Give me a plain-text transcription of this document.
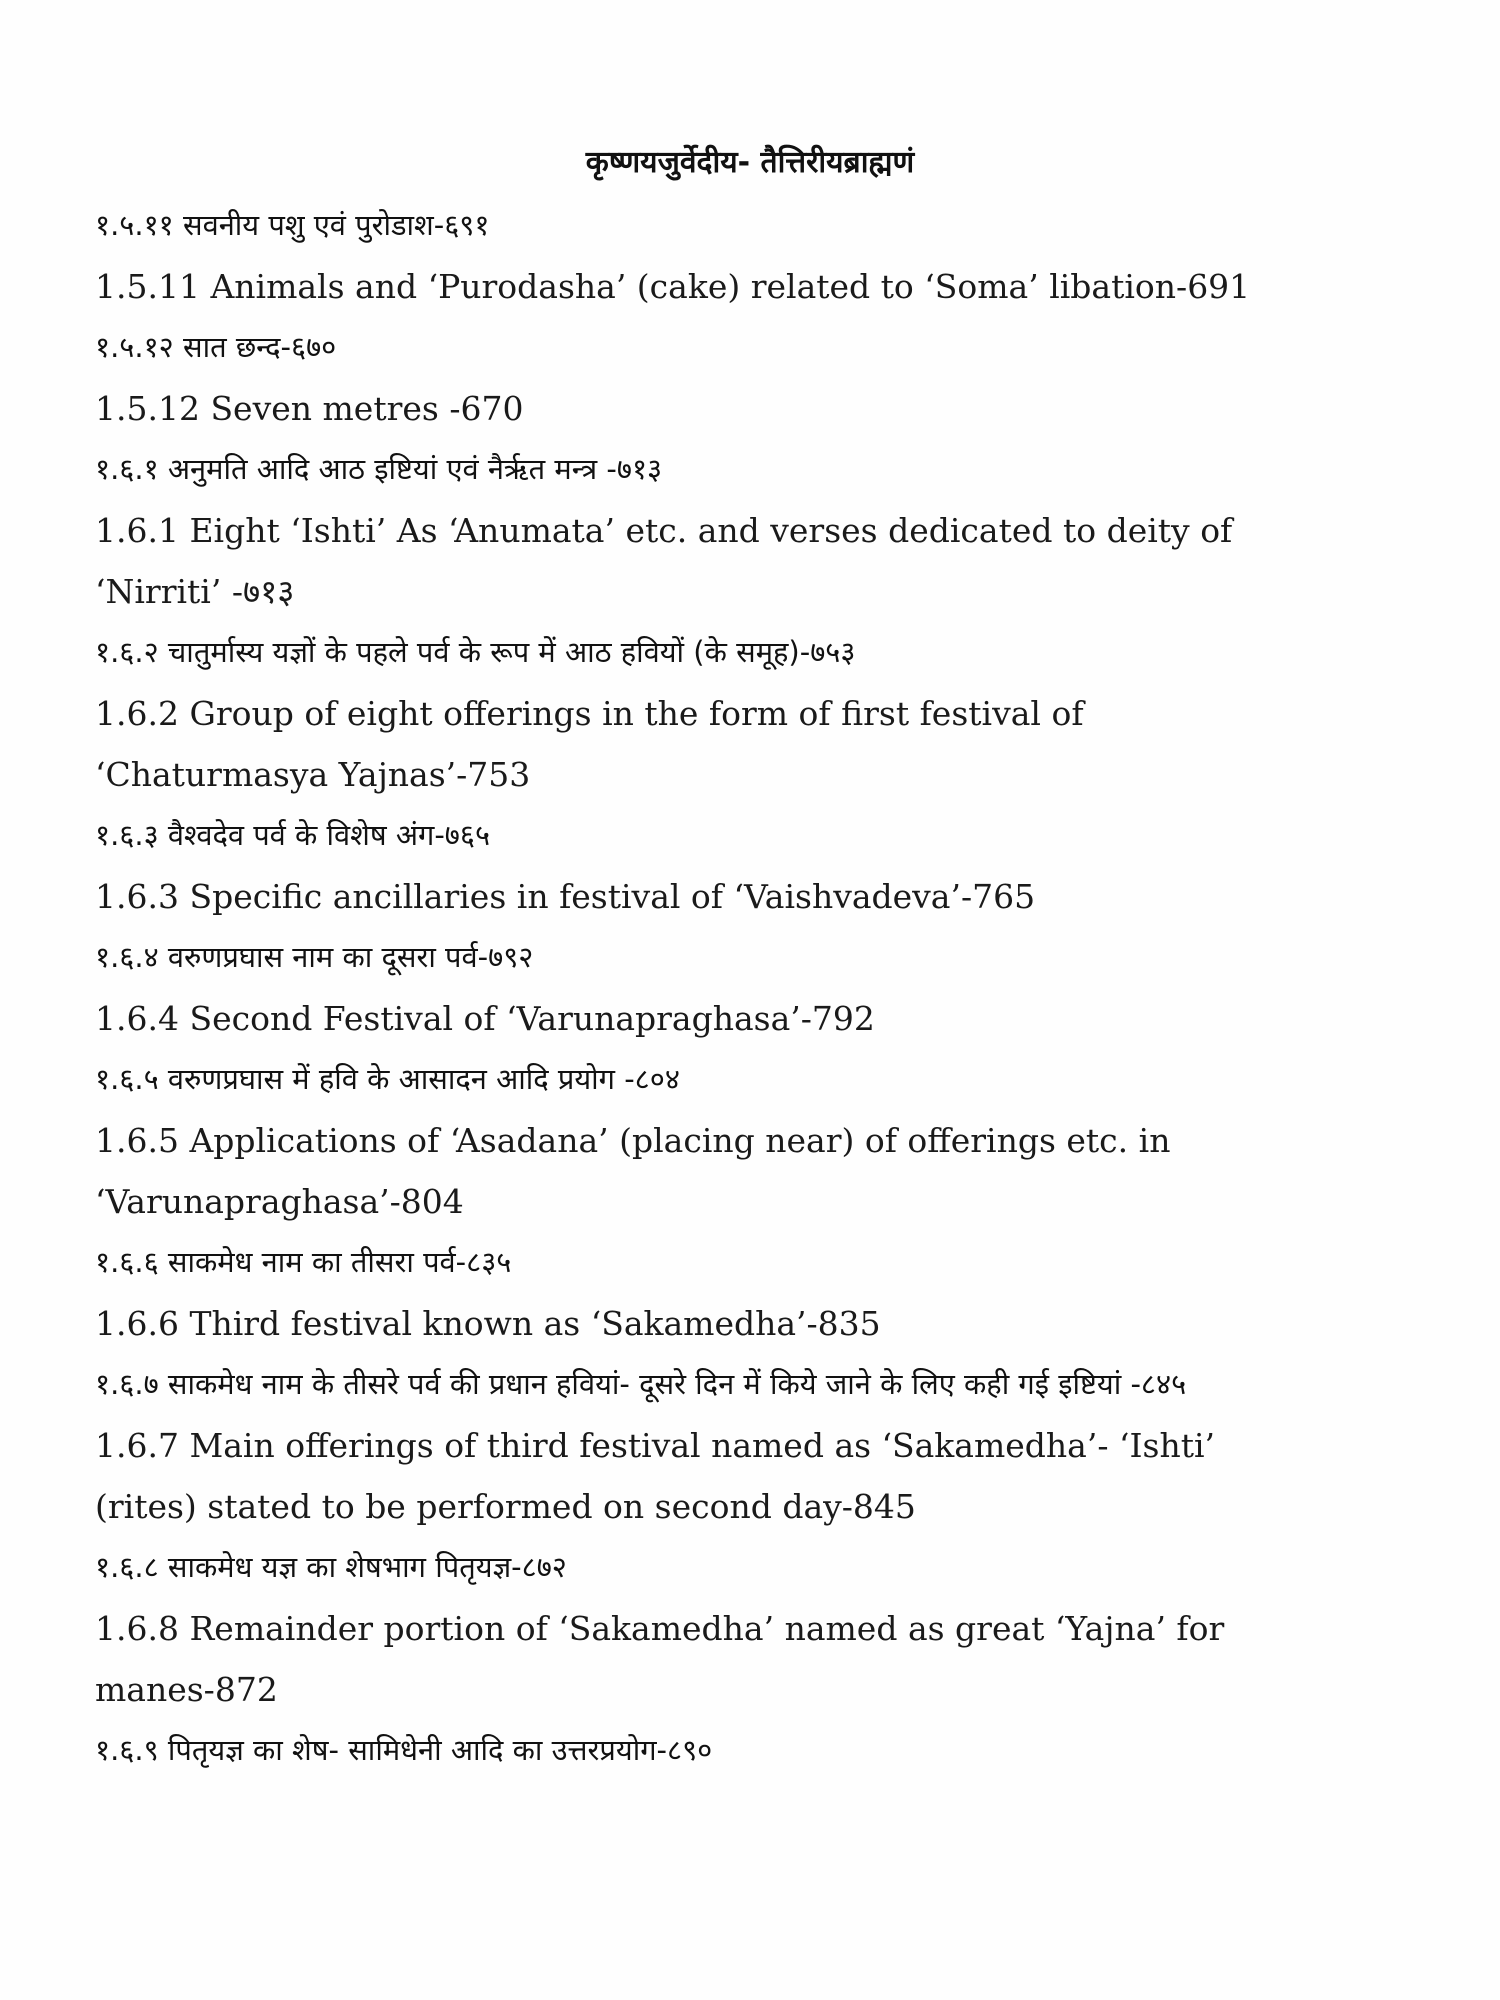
कृष्णयजुर्वेदीय- तैत्तिरीयब्राह्मणं
१.५.११ सवनीय पशु एवं पुरोडाश-६९१
1.5.11 Animals and ‘Purodasha’ (cake) related to ‘Soma’ libation-691
१.५.१२ सात छन्द-६७०
1.5.12 Seven metres -670
१.६.१ अनुमति आदि आठ इष्टियां एवं नैर्ऋत मन्त्र -७१३
1.6.1 Eight ‘Ishti’ As ‘Anumata’ etc. and verses dedicated to deity of ‘Nirriti’ -७१३
१.६.२ चातुर्मास्य यज्ञों के पहले पर्व के रूप में आठ हवियों (के समूह)-७५३
1.6.2 Group of eight offerings in the form of first festival of ‘Chaturmasya Yajnas’-753
१.६.३ वैश्वदेव पर्व के विशेष अंग-७६५
1.6.3 Specific ancillaries in festival of ‘Vaishvadeva’-765
१.६.४ वरुणप्रघास नाम का दूसरा पर्व-७९२
1.6.4 Second Festival of ‘Varunapraghasa’-792
१.६.५ वरुणप्रघास में हवि के आसादन आदि प्रयोग -८०४
1.6.5 Applications of ‘Asadana’ (placing near) of offerings etc. in ‘Varunapraghasa’-804
१.६.६ साकमेध नाम का तीसरा पर्व-८३५
1.6.6 Third festival known as ‘Sakamedha’-835
१.६.७ साकमेध नाम के तीसरे पर्व की प्रधान हवियां- दूसरे दिन में किये जाने के लिए कही गई इष्टियां -८४५
1.6.7 Main offerings of third festival named as ‘Sakamedha’- ‘Ishti’ (rites) stated to be performed on second day-845
१.६.८ साकमेध यज्ञ का शेषभाग पितृयज्ञ-८७२
1.6.8 Remainder portion of ‘Sakamedha’ named as great ‘Yajna’ for manes-872
१.६.९ पितृयज्ञ का शेष- सामिधेनी आदि का उत्तरप्रयोग-८९०
